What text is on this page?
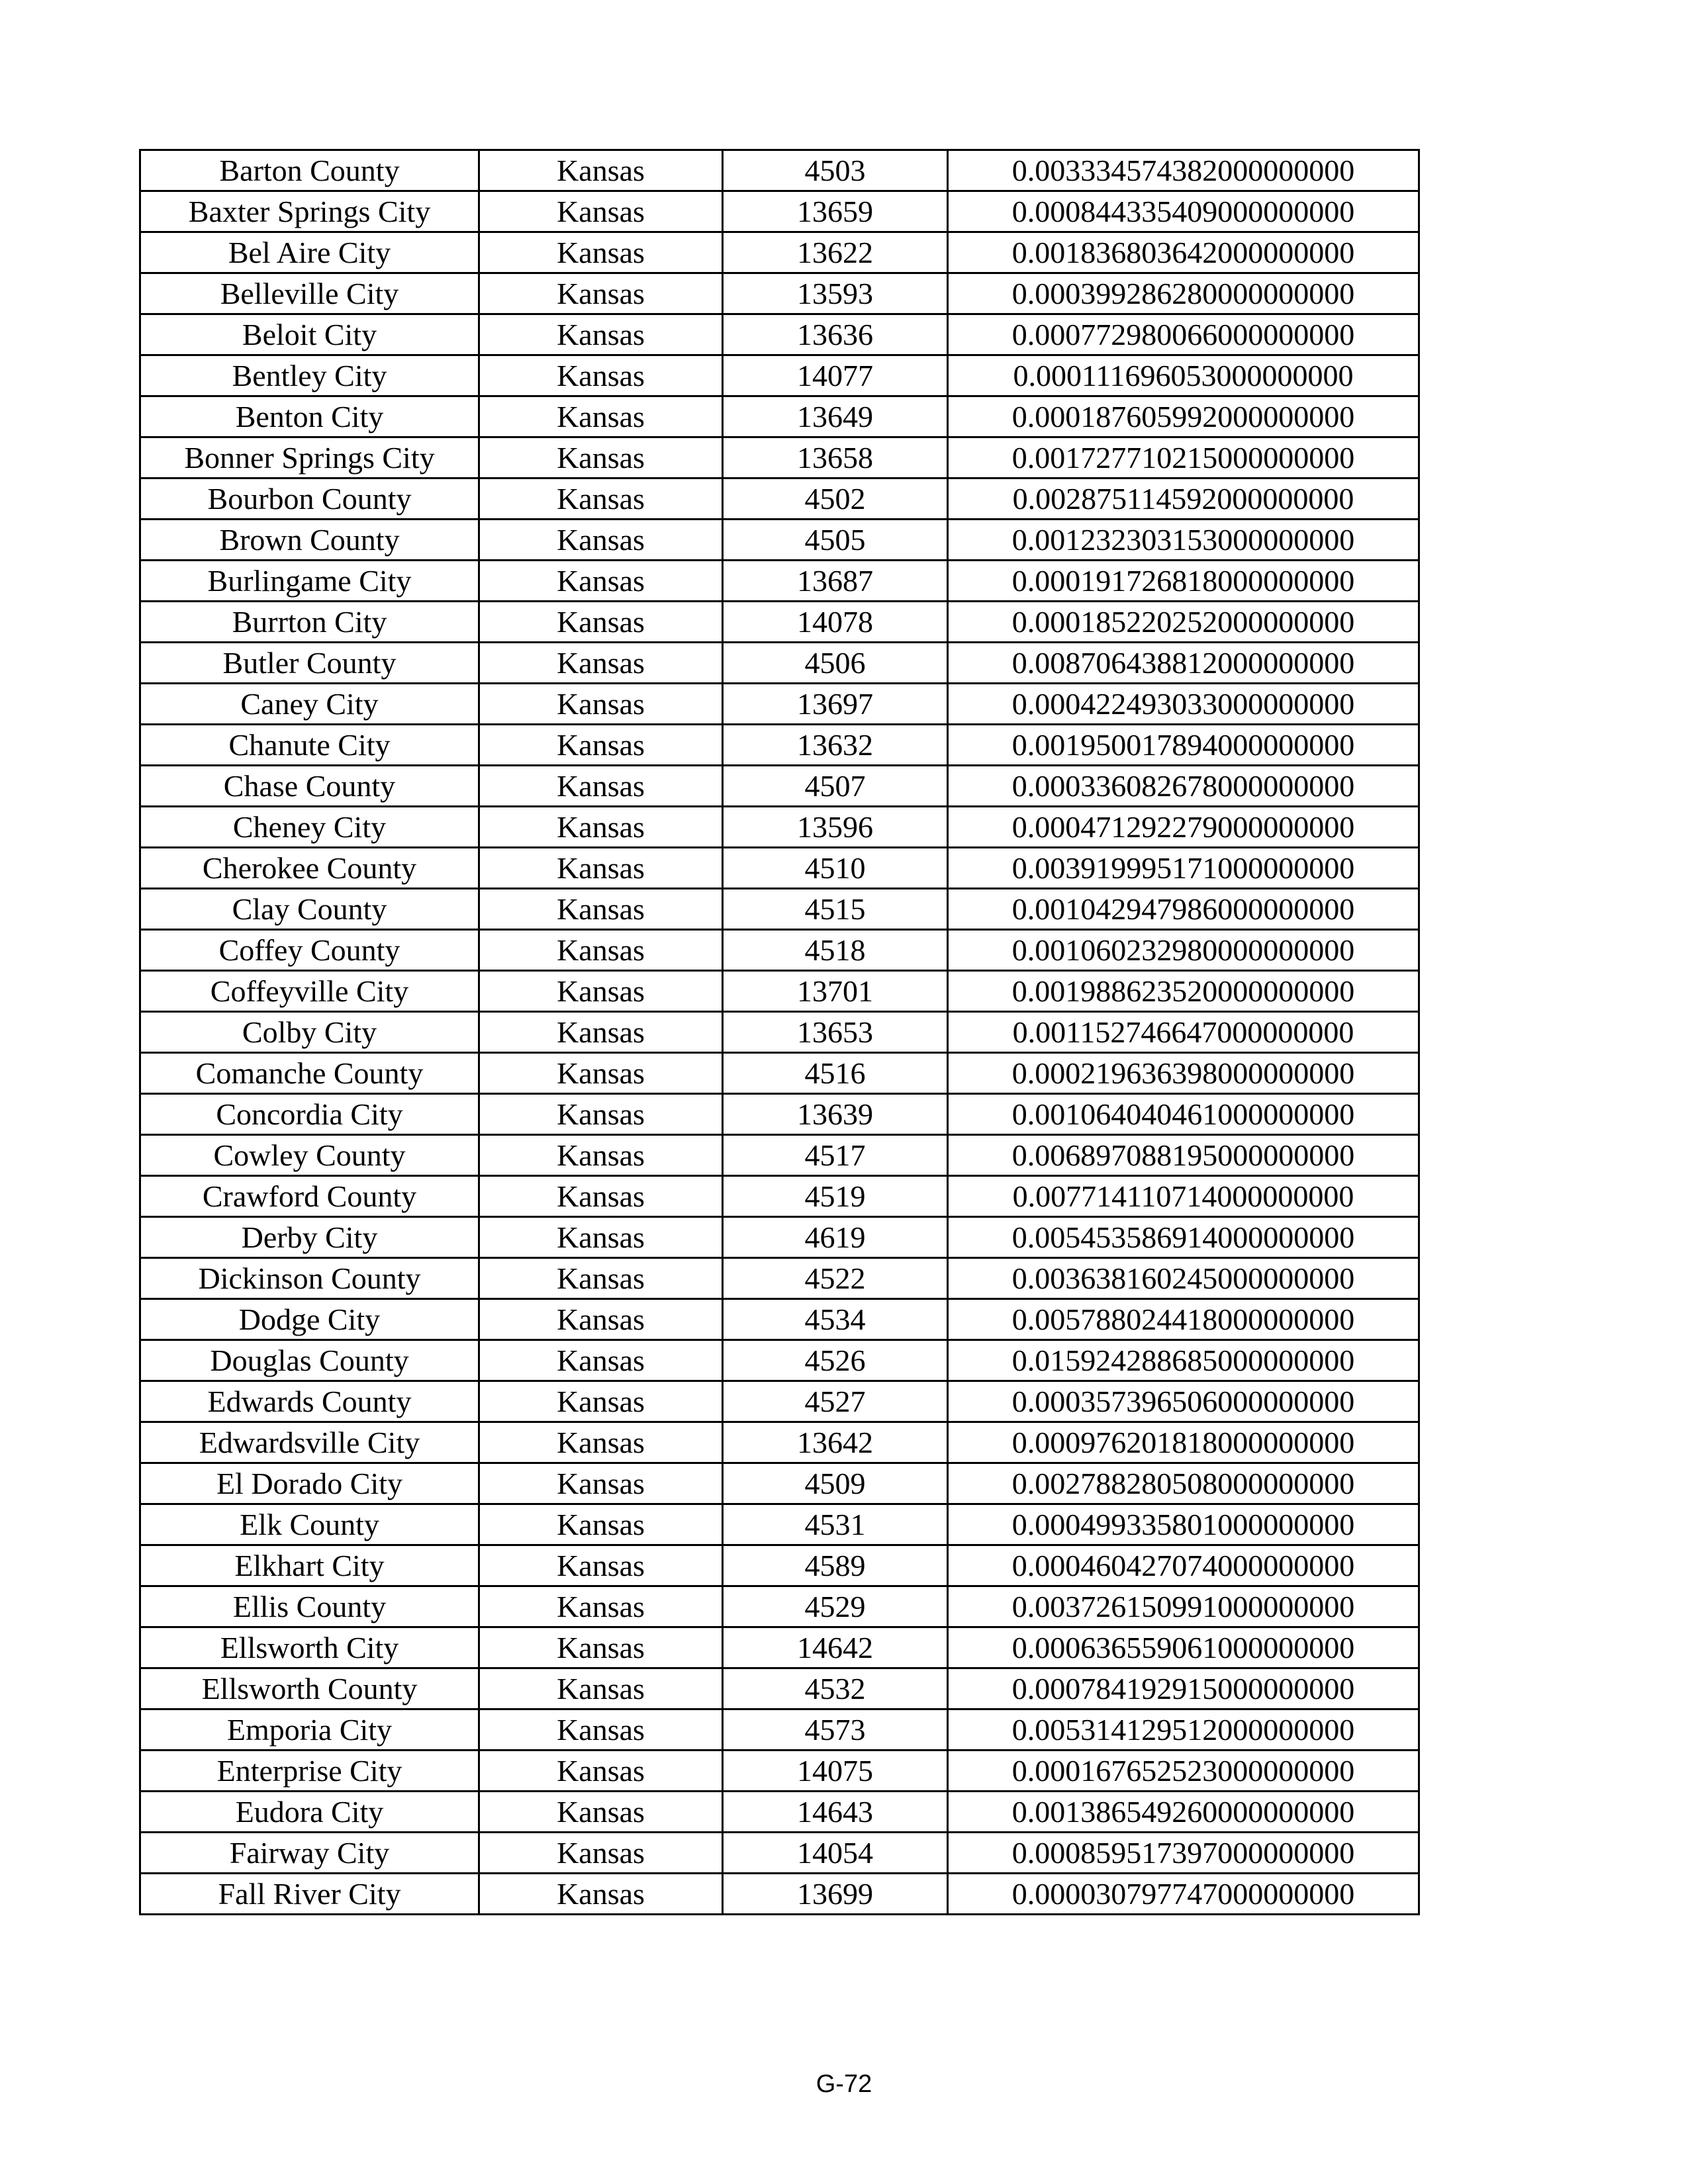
Barton County	Kansas	4503	0.003334574382000000000
Baxter Springs City	Kansas	13659	0.000844335409000000000
Bel Aire City	Kansas	13622	0.001836803642000000000
Belleville City	Kansas	13593	0.000399286280000000000
Beloit City	Kansas	13636	0.000772980066000000000
Bentley City	Kansas	14077	0.000111696053000000000
Benton City	Kansas	13649	0.000187605992000000000
Bonner Springs City	Kansas	13658	0.001727710215000000000
Bourbon County	Kansas	4502	0.002875114592000000000
Brown County	Kansas	4505	0.001232303153000000000
Burlingame City	Kansas	13687	0.000191726818000000000
Burrton City	Kansas	14078	0.000185220252000000000
Butler County	Kansas	4506	0.008706438812000000000
Caney City	Kansas	13697	0.000422493033000000000
Chanute City	Kansas	13632	0.001950017894000000000
Chase County	Kansas	4507	0.000336082678000000000
Cheney City	Kansas	13596	0.000471292279000000000
Cherokee County	Kansas	4510	0.003919995171000000000
Clay County	Kansas	4515	0.001042947986000000000
Coffey County	Kansas	4518	0.001060232980000000000
Coffeyville City	Kansas	13701	0.001988623520000000000
Colby City	Kansas	13653	0.001152746647000000000
Comanche County	Kansas	4516	0.000219636398000000000
Concordia City	Kansas	13639	0.001064040461000000000
Cowley County	Kansas	4517	0.006897088195000000000
Crawford County	Kansas	4519	0.007714110714000000000
Derby City	Kansas	4619	0.005453586914000000000
Dickinson County	Kansas	4522	0.003638160245000000000
Dodge City	Kansas	4534	0.005788024418000000000
Douglas County	Kansas	4526	0.015924288685000000000
Edwards County	Kansas	4527	0.000357396506000000000
Edwardsville City	Kansas	13642	0.000976201818000000000
El Dorado City	Kansas	4509	0.002788280508000000000
Elk County	Kansas	4531	0.000499335801000000000
Elkhart City	Kansas	4589	0.000460427074000000000
Ellis County	Kansas	4529	0.003726150991000000000
Ellsworth City	Kansas	14642	0.000636559061000000000
Ellsworth County	Kansas	4532	0.000784192915000000000
Emporia City	Kansas	4573	0.005314129512000000000
Enterprise City	Kansas	14075	0.000167652523000000000
Eudora City	Kansas	14643	0.001386549260000000000
Fairway City	Kansas	14054	0.000859517397000000000
Fall River City	Kansas	13699	0.000030797747000000000
G-72
